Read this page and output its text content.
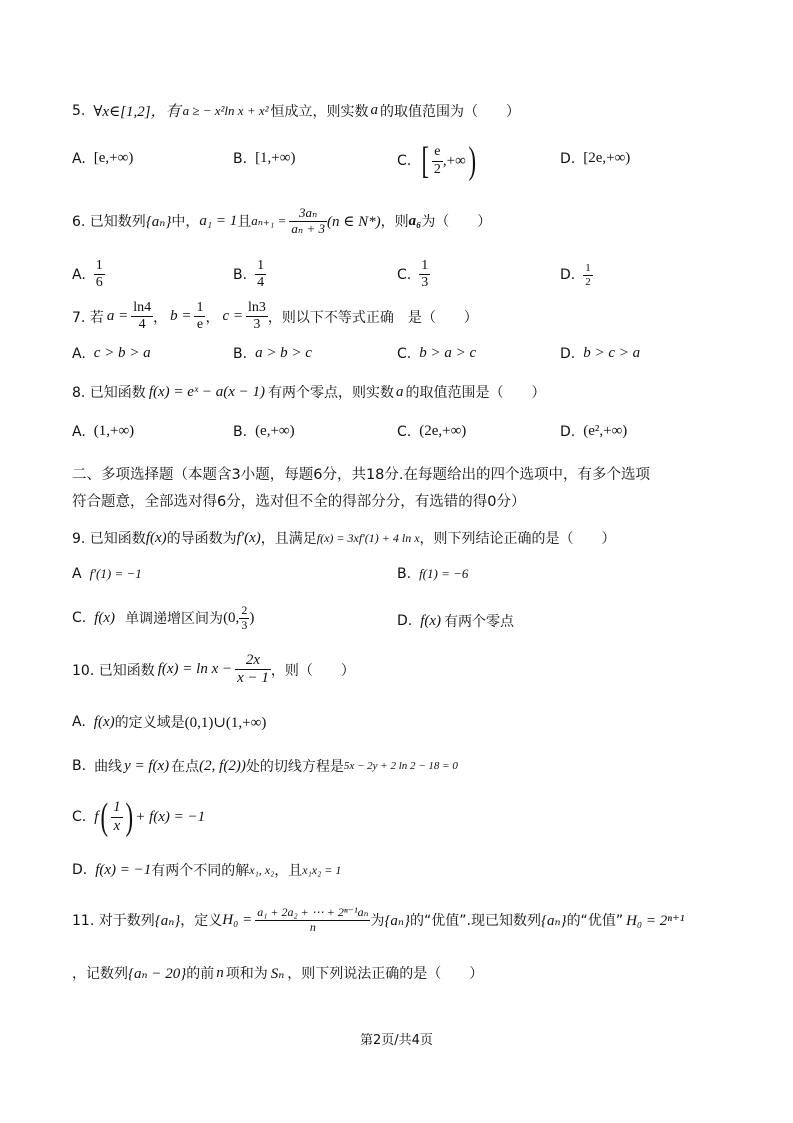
5. ∀x∈[1,2]，有 a ≥ − x²ln x + x² 恒成立，则实数 a 的取值范围为（　　）
A. [e,+∞)	B. [1,+∞)	C. [ $\frac{e}{2}$ ,+∞ )	D. [2e,+∞)
6. 已知数列 {aₙ} 中， a₁ = 1 且 $a_{n+1} = \frac{\text{3aₙ}}{\text{aₙ + 3}} (n$ ∈ N*) ，则 a₆ 为（　　）
A. $\frac{1}{6}$	B. $\frac{1}{4}$	C. $\frac{1}{3}$	D. $\frac{1}{2}$
7. 若 $a = \frac{\ln 4}{4}$ ， $b = \frac{1}{e}$ ， $c = \frac{\ln 3}{3}$ ，则以下不等式正确　是（　　）
A. c > b > a	B. a > b > c	C. b > a > c	D. b > c > a
8. 已知函数 f(x) = eˣ − a(x − 1) 有两个零点，则实数 a 的取值范围是（　　）
A. (1,+∞)	B. (e,+∞)	C. (2e,+∞)	D. (e²,+∞)
二、多项选择题（本题含3小题，每题6分，共18分.在每题给出的四个选项中，有多个选项
符合题意，全部选对得6分，选对但不全的得部分分，有选错的得0分）
9. 已知函数 f(x) 的导函数为 f′(x) ，且满足 f(x) = 3xf′(1) + 4 ln x ，则下列结论正确的是（　　）
A f′(1) = −1	B. f(1) = −6
C. f(x) 单调递增区间为 (0, $\frac{2}{3}$ )	D. f(x) 有两个零点
10. 已知函数 $f(x) = \ln x - \frac{2x}{x - 1}$ ，则（　　）
A. f(x) 的定义域是 (0,1)∪(1,+∞)
B. 曲线 y = f(x) 在点 (2, f(2)) 处的切线方程是 5x − 2y + 2 ln 2 − 18 = 0
C. f ( $\frac{1}{x}$ ) + f(x) = −1
D. f(x) = −1 有两个不同的解 x₁, x₂ ，且 x₁x₂ = 1
11. 对于数列 {aₙ} ，定义 $H_0 = \frac{\text{a₁ + 2a₂ + ⋯ + 2ⁿ⁻¹aₙ}}{n}$ 为 {aₙ} 的“优值”.现已知数列 {aₙ} 的“优值” H₀ = 2ⁿ⁺¹
，记数列 {aₙ − 20} 的前 n 项和为 Sₙ ，则下列说法正确的是（　　）
第2页/共4页
